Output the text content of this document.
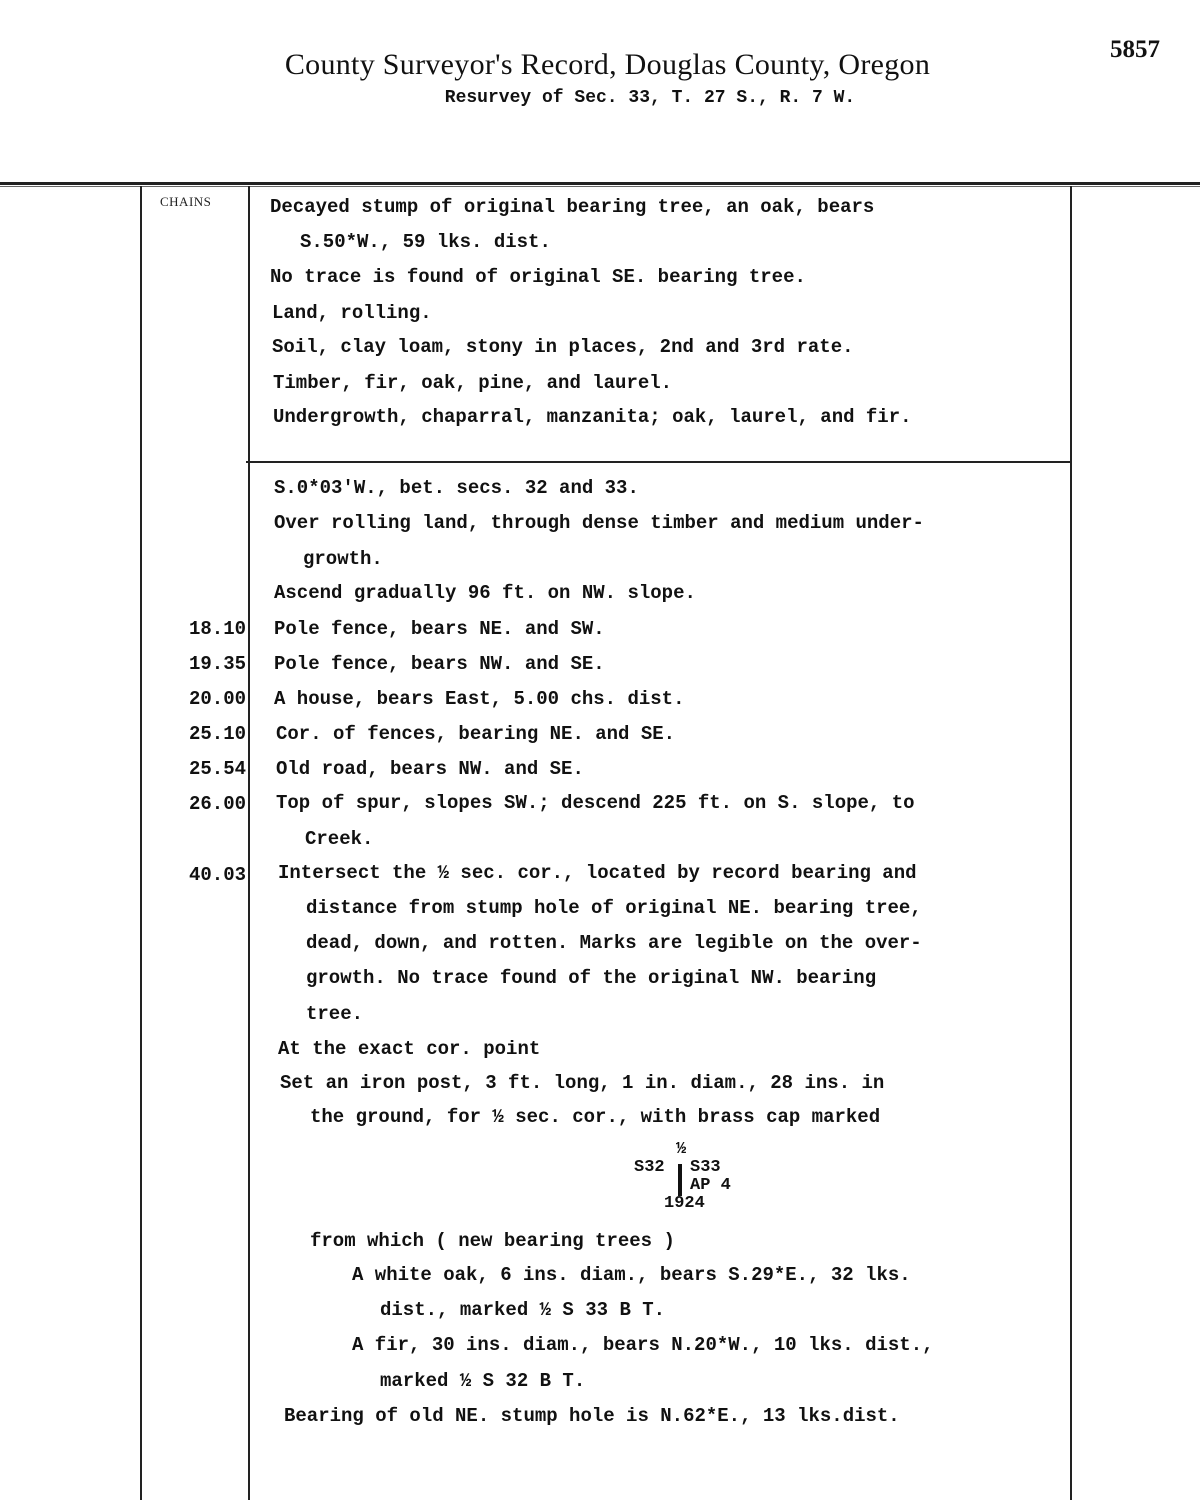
County Surveyor's Record, Douglas County, Oregon
Resurvey of Sec. 33, T. 27 S., R. 7 W.
5857
CHAINS	Decayed stump of original bearing tree, an oak, bears
S.50*W., 59 lks. dist.
No trace is found of original SE. bearing tree.
Land, rolling.
Soil, clay loam, stony in places, 2nd and 3rd rate.
Timber, fir, oak, pine, and laurel.
Undergrowth, chaparral, manzanita; oak, laurel, and fir.
S.0*03'W., bet. secs. 32 and 33.
Over rolling land, through dense timber and medium under-
growth.
Ascend gradually 96 ft. on NW. slope.
18.10 Pole fence, bears NE. and SW.
19.35 Pole fence, bears NW. and SE.
20.00 A house, bears East, 5.00 chs. dist.
25.10 Cor. of fences, bearing NE. and SE.
25.54 Old road, bears NW. and SE.
26.00 Top of spur, slopes SW.; descend 225 ft. on S. slope, to
Creek.
40.03 Intersect the ½ sec. cor., located by record bearing and
distance from stump hole of original NE. bearing tree,
dead, down, and rotten. Marks are legible on the over-
growth. No trace found of the original NW. bearing
tree.
At the exact cor. point
Set an iron post, 3 ft. long, 1 in. diam., 28 ins. in
the ground, for ½ sec. cor., with brass cap marked
½
S32 S33
AP 4
1924
from which ( new bearing trees )
A white oak, 6 ins. diam., bears S.29*E., 32 lks.
dist., marked ½ S 33 B T.
A fir, 30 ins. diam., bears N.20*W., 10 lks. dist.,
marked ½ S 32 B T.
Bearing of old NE. stump hole is N.62*E., 13 lks.dist.
